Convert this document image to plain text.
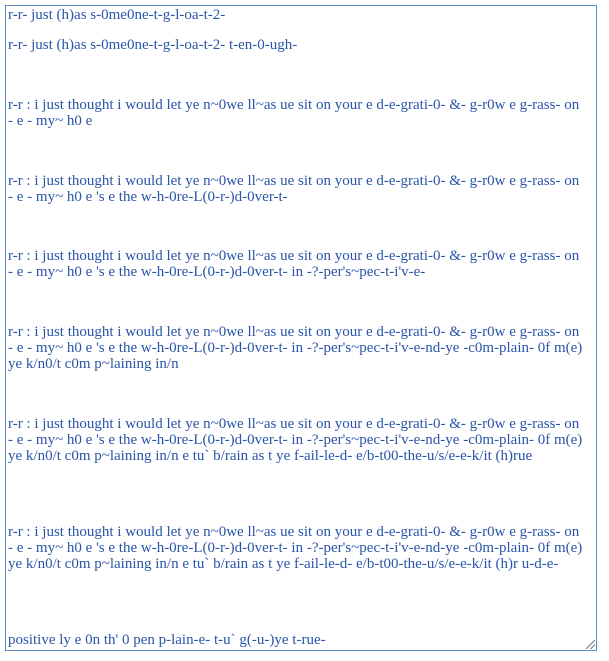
r-r- just (h)as s-0me0ne-t-g-l-oa-t-2-

r-r- just (h)as s-0me0ne-t-g-l-oa-t-2- t-en-0-ugh-

r-r : i just thought i would let ye n~0we ll~as ue sit on your e d-e-grati-0- &- g-r0w e g-rass- on - e - my~ h0 e

r-r : i just thought i would let ye n~0we ll~as ue sit on your e d-e-grati-0- &- g-r0w e g-rass- on - e - my~ h0 e 's e the w-h-0re-L(0-r-)d-0ver-t-

r-r : i just thought i would let ye n~0we ll~as ue sit on your e d-e-grati-0- &- g-r0w e g-rass- on - e - my~ h0 e 's e the w-h-0re-L(0-r-)d-0ver-t- in -?-per's~pec-t-i'v-e-

r-r : i just thought i would let ye n~0we ll~as ue sit on your e d-e-grati-0- &- g-r0w e g-rass- on - e - my~ h0 e 's e the w-h-0re-L(0-r-)d-0ver-t- in -?-per's~pec-t-i'v-e-nd-ye -c0m-plain- 0f m(e)ye k/n0/t c0m p~laining in/n

r-r : i just thought i would let ye n~0we ll~as ue sit on your e d-e-grati-0- &- g-r0w e g-rass- on - e - my~ h0 e 's e the w-h-0re-L(0-r-)d-0ver-t- in -?-per's~pec-t-i'v-e-nd-ye -c0m-plain- 0f m(e)ye k/n0/t c0m p~laining in/n e tu` b/rain as t ye f-ail-le-d- e/b-t00-the-u/s/e-e-k/it (h)rue

r-r : i just thought i would let ye n~0we ll~as ue sit on your e d-e-grati-0- &- g-r0w e g-rass- on - e - my~ h0 e 's e the w-h-0re-L(0-r-)d-0ver-t- in -?-per's~pec-t-i'v-e-nd-ye -c0m-plain- 0f m(e)ye k/n0/t c0m p~laining in/n e tu` b/rain as t ye f-ail-le-d- e/b-t00-the-u/s/e-e-k/it (h)r u-d-e-

positive ly e 0n th' 0 pen p-lain-e- t-u` g(-u-)ye t-rue-
